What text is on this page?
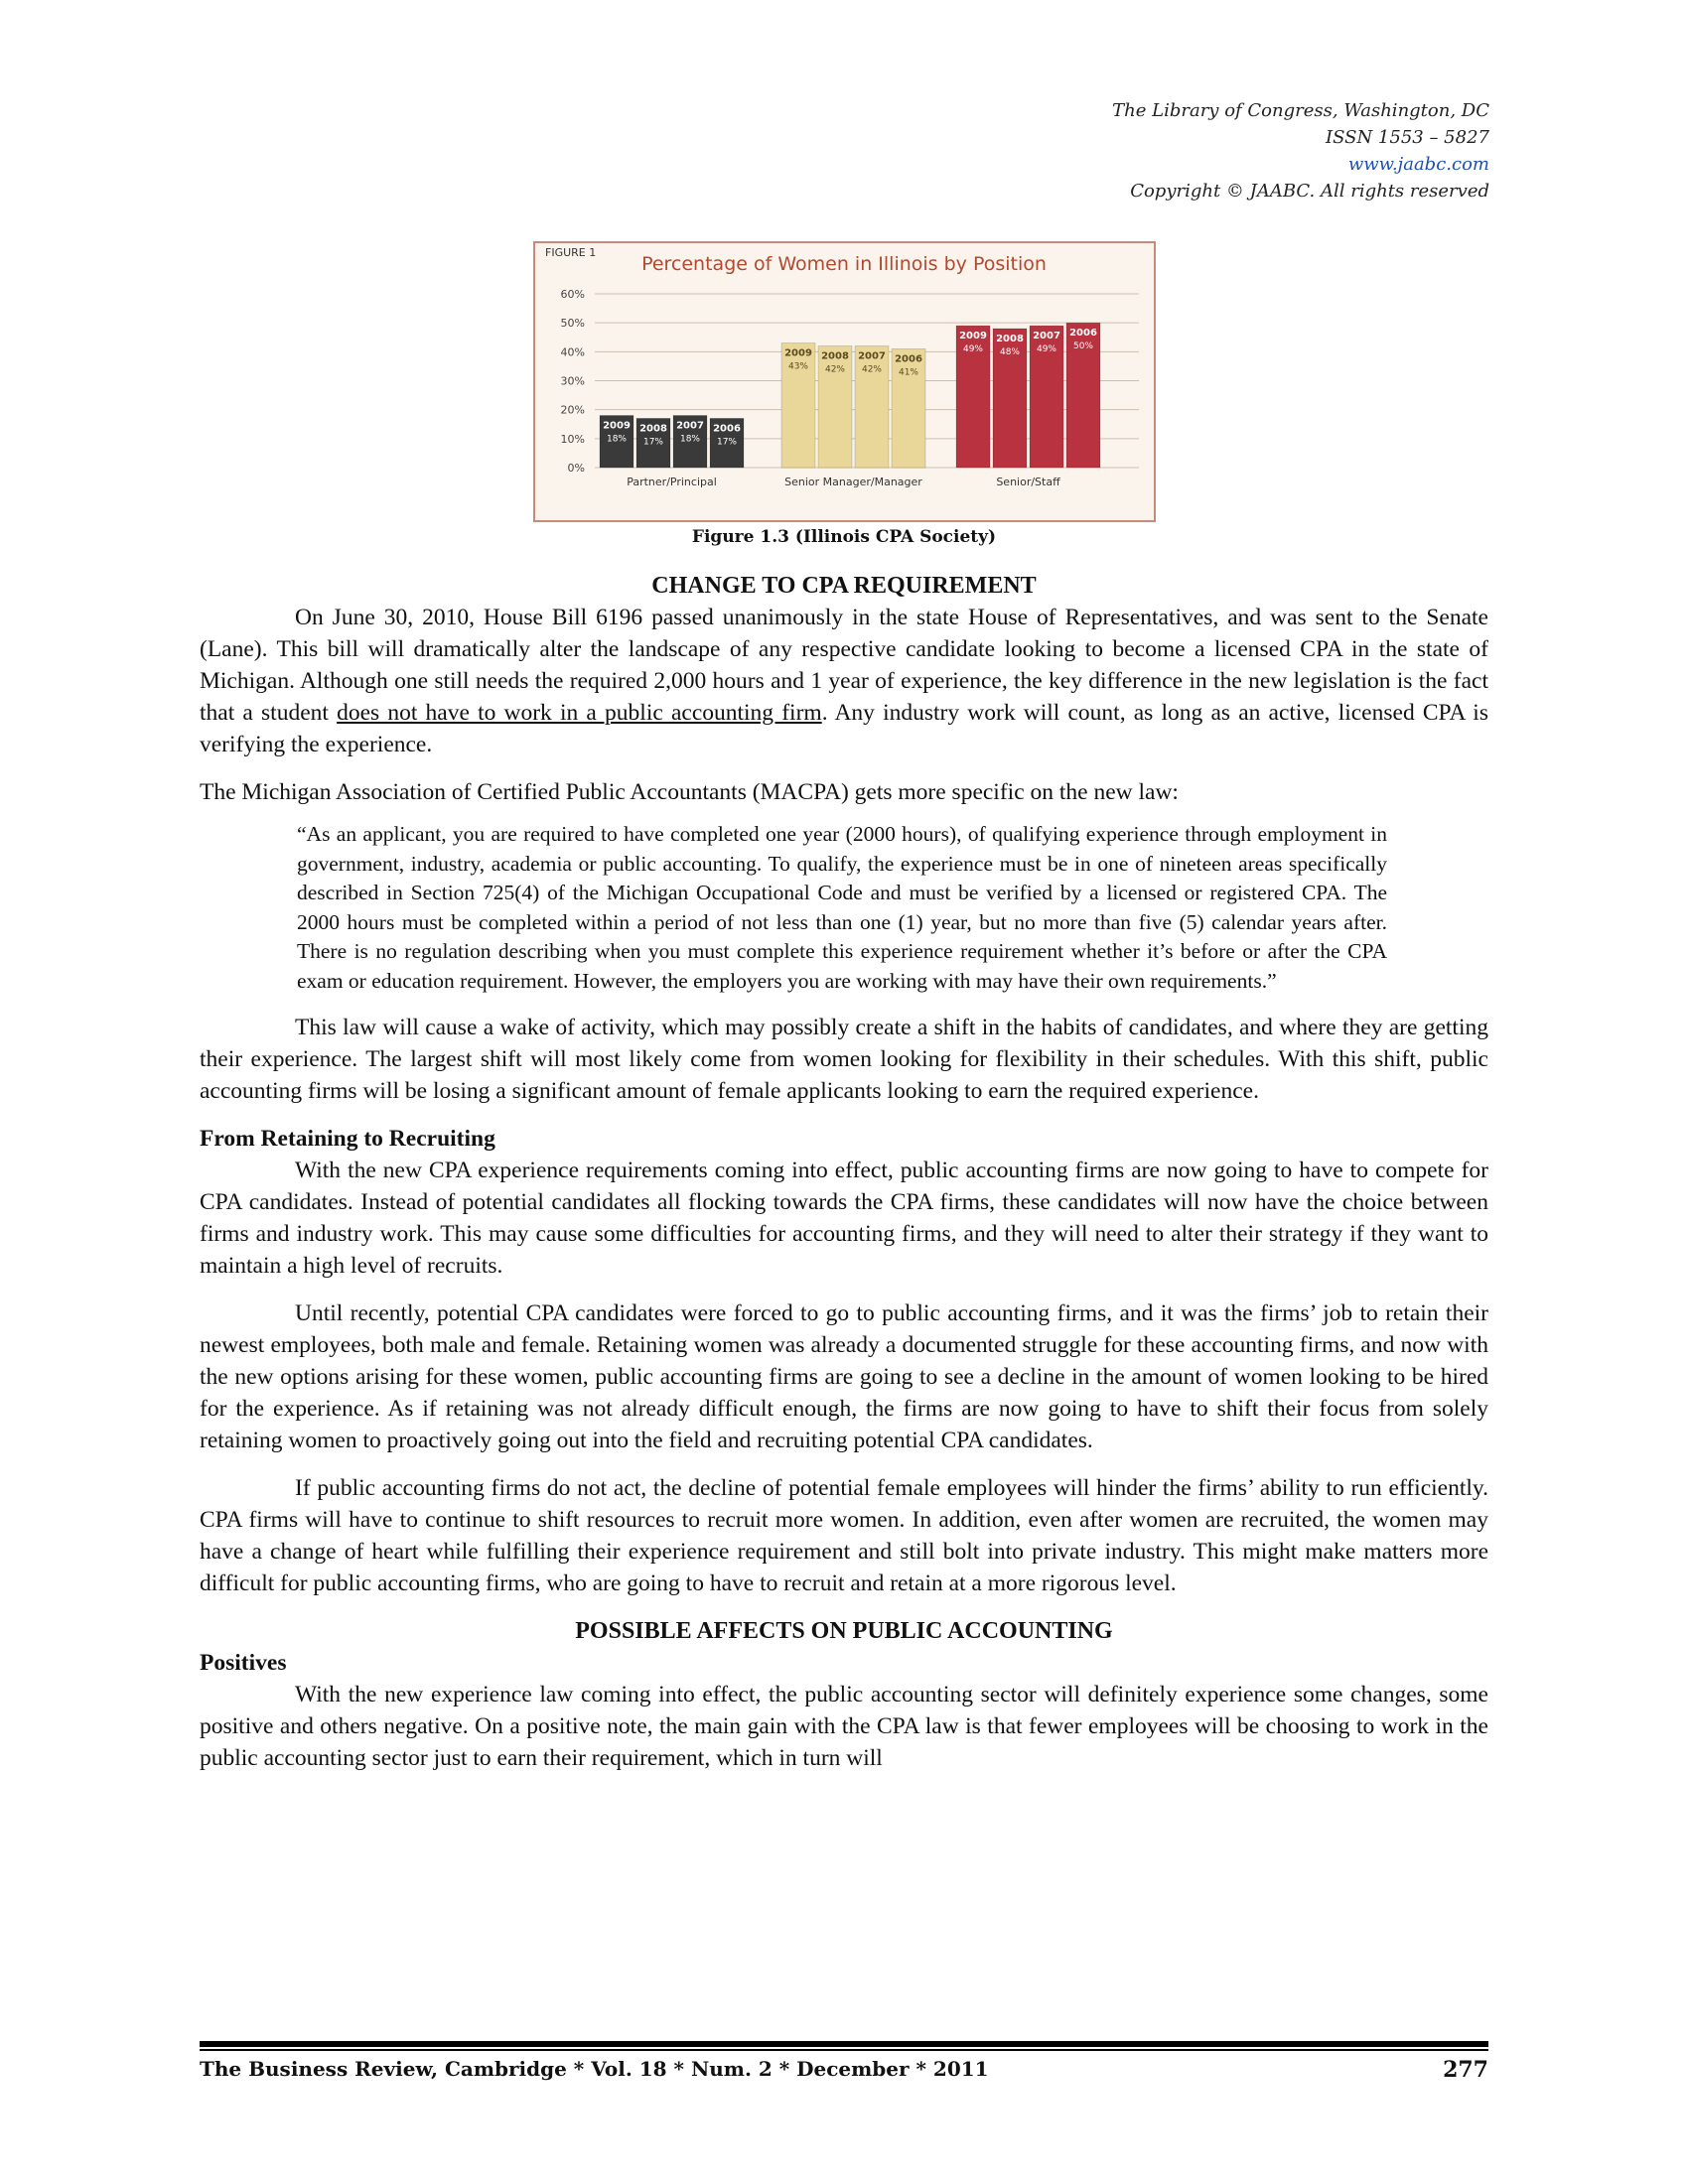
The Library of Congress, Washington, DC
ISSN 1553 – 5827
www.jaabc.com
Copyright © JAABC. All rights reserved
FIGURE 1
Percentage of Women in Illinois by Position
60%
50%
40%
30%
20%
10%
0%
2009
18%
2008
17%
2007
18%
2006
17%
2009
43%
2008
42%
2007
42%
2006
41%
2009
49%
2008
48%
2007
49%
2006
50%
Partner/Principal	Senior Manager/Manager	Senior/Staff
Figure 1.3 (Illinois CPA Society)
CHANGE TO CPA REQUIREMENT

On June 30, 2010, House Bill 6196 passed unanimously in the state House of Representatives, and was sent to the Senate (Lane). This bill will dramatically alter the landscape of any respective candidate looking to become a licensed CPA in the state of Michigan. Although one still needs the required 2,000 hours and 1 year of experience, the key difference in the new legislation is the fact that a student does not have to work in a public accounting firm. Any industry work will count, as long as an active, licensed CPA is verifying the experience.

The Michigan Association of Certified Public Accountants (MACPA) gets more specific on the new law:

“As an applicant, you are required to have completed one year (2000 hours), of qualifying experience through employment in government, industry, academia or public accounting. To qualify, the experience must be in one of nineteen areas specifically described in Section 725(4) of the Michigan Occupational Code and must be verified by a licensed or registered CPA. The 2000 hours must be completed within a period of not less than one (1) year, but no more than five (5) calendar years after. There is no regulation describing when you must complete this experience requirement whether it’s before or after the CPA exam or education requirement. However, the employers you are working with may have their own requirements.”

This law will cause a wake of activity, which may possibly create a shift in the habits of candidates, and where they are getting their experience. The largest shift will most likely come from women looking for flexibility in their schedules. With this shift, public accounting firms will be losing a significant amount of female applicants looking to earn the required experience.

From Retaining to Recruiting

With the new CPA experience requirements coming into effect, public accounting firms are now going to have to compete for CPA candidates. Instead of potential candidates all flocking towards the CPA firms, these candidates will now have the choice between firms and industry work. This may cause some difficulties for accounting firms, and they will need to alter their strategy if they want to maintain a high level of recruits.

Until recently, potential CPA candidates were forced to go to public accounting firms, and it was the firms’ job to retain their newest employees, both male and female. Retaining women was already a documented struggle for these accounting firms, and now with the new options arising for these women, public accounting firms are going to see a decline in the amount of women looking to be hired for the experience. As if retaining was not already difficult enough, the firms are now going to have to shift their focus from solely retaining women to proactively going out into the field and recruiting potential CPA candidates.

If public accounting firms do not act, the decline of potential female employees will hinder the firms’ ability to run efficiently. CPA firms will have to continue to shift resources to recruit more women. In addition, even after women are recruited, the women may have a change of heart while fulfilling their experience requirement and still bolt into private industry. This might make matters more difficult for public accounting firms, who are going to have to recruit and retain at a more rigorous level.

POSSIBLE AFFECTS ON PUBLIC ACCOUNTING
Positives

With the new experience law coming into effect, the public accounting sector will definitely experience some changes, some positive and others negative. On a positive note, the main gain with the CPA law is that fewer employees will be choosing to work in the public accounting sector just to earn their requirement, which in turn will

The Business Review, Cambridge * Vol. 18 * Num. 2 * December * 2011	277
